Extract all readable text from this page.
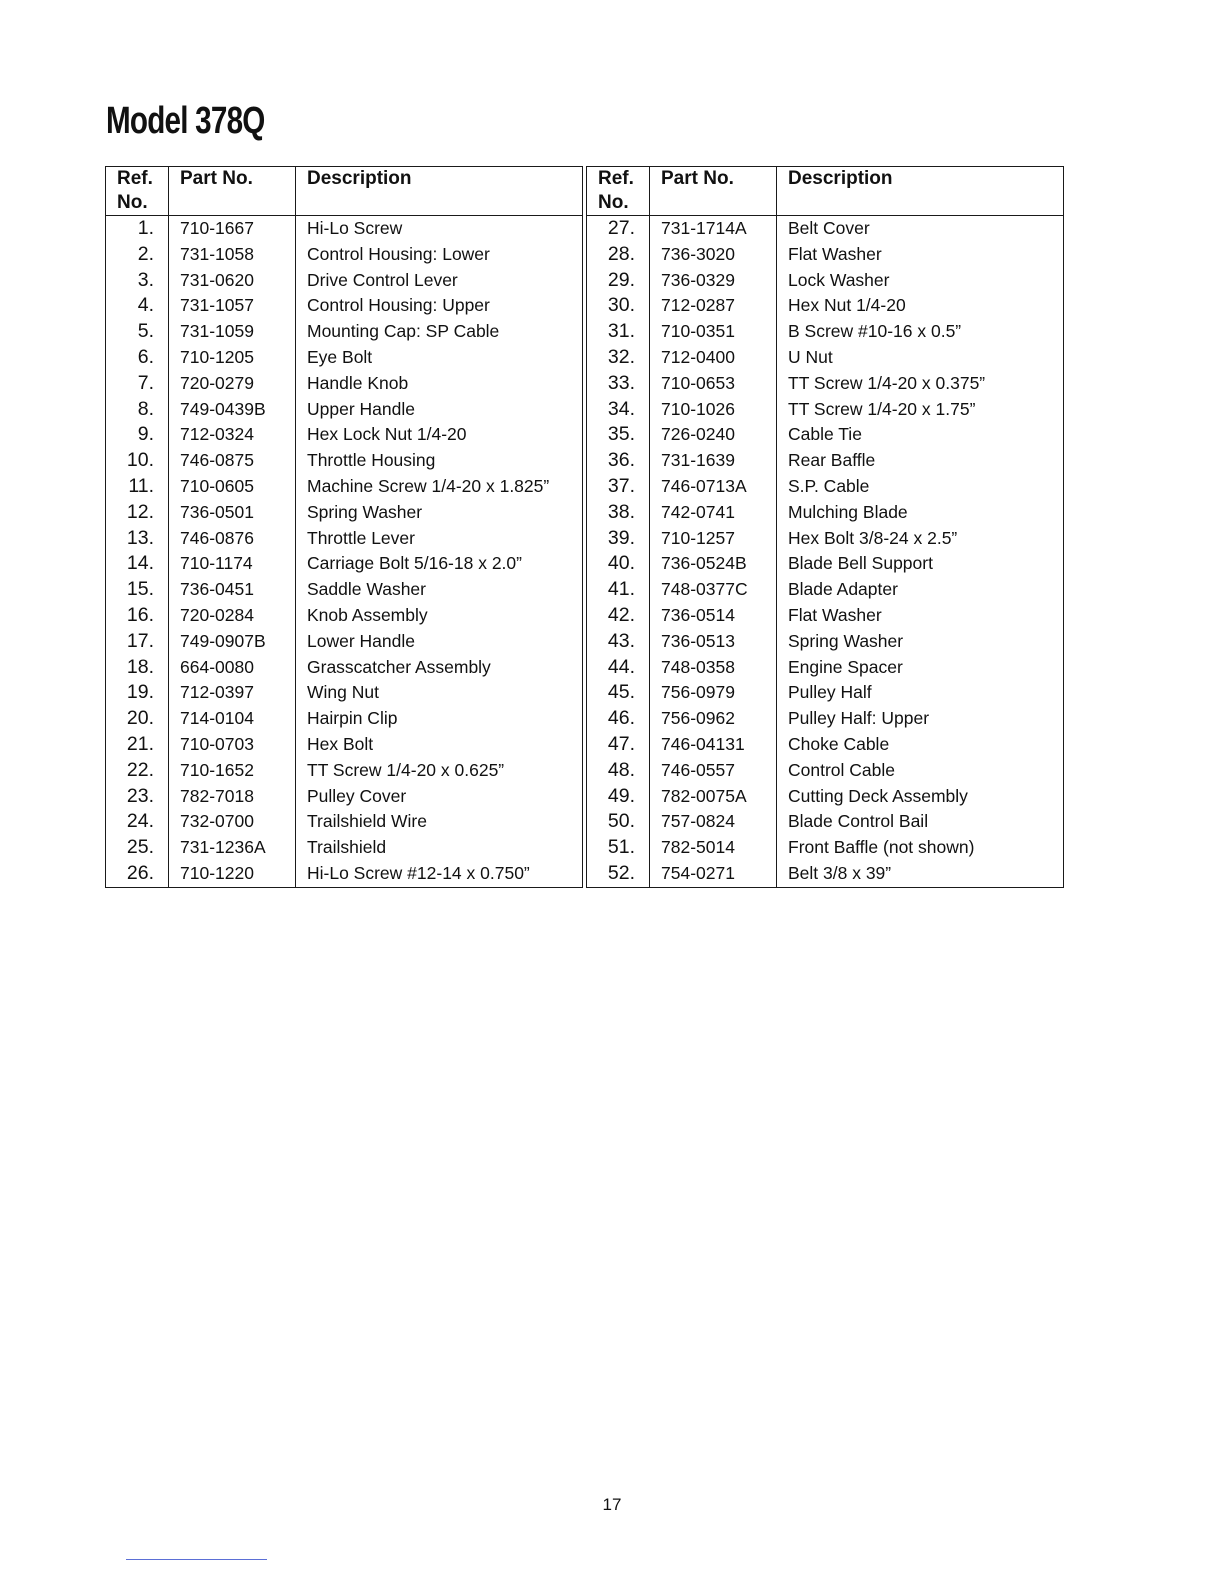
Model 378Q
Ref.
No.	Part No.	Description
1.	710-1667	Hi-Lo Screw
2.	731-1058	Control Housing: Lower
3.	731-0620	Drive Control Lever
4.	731-1057	Control Housing: Upper
5.	731-1059	Mounting Cap: SP Cable
6.	710-1205	Eye Bolt
7.	720-0279	Handle Knob
8.	749-0439B	Upper Handle
9.	712-0324	Hex Lock Nut 1/4-20
10.	746-0875	Throttle Housing
11.	710-0605	Machine Screw 1/4-20 x 1.825”
12.	736-0501	Spring Washer
13.	746-0876	Throttle Lever
14.	710-1174	Carriage Bolt 5/16-18 x 2.0”
15.	736-0451	Saddle Washer
16.	720-0284	Knob Assembly
17.	749-0907B	Lower Handle
18.	664-0080	Grasscatcher Assembly
19.	712-0397	Wing Nut
20.	714-0104	Hairpin Clip
21.	710-0703	Hex Bolt
22.	710-1652	TT Screw 1/4-20 x 0.625”
23.	782-7018	Pulley Cover
24.	732-0700	Trailshield Wire
25.	731-1236A	Trailshield
26.	710-1220	Hi-Lo Screw #12-14 x 0.750”
Ref.
No.	Part No.	Description
27.	731-1714A	Belt Cover
28.	736-3020	Flat Washer
29.	736-0329	Lock Washer
30.	712-0287	Hex Nut 1/4-20
31.	710-0351	B Screw #10-16 x 0.5”
32.	712-0400	U Nut
33.	710-0653	TT Screw 1/4-20 x 0.375”
34.	710-1026	TT Screw 1/4-20 x 1.75”
35.	726-0240	Cable Tie
36.	731-1639	Rear Baffle
37.	746-0713A	S.P. Cable
38.	742-0741	Mulching Blade
39.	710-1257	Hex Bolt 3/8-24 x 2.5”
40.	736-0524B	Blade Bell Support
41.	748-0377C	Blade Adapter
42.	736-0514	Flat Washer
43.	736-0513	Spring Washer
44.	748-0358	Engine Spacer
45.	756-0979	Pulley Half
46.	756-0962	Pulley Half: Upper
47.	746-04131	Choke Cable
48.	746-0557	Control Cable
49.	782-0075A	Cutting Deck Assembly
50.	757-0824	Blade Control Bail
51.	782-5014	Front Baffle (not shown)
52.	754-0271	Belt 3/8 x 39”
17
